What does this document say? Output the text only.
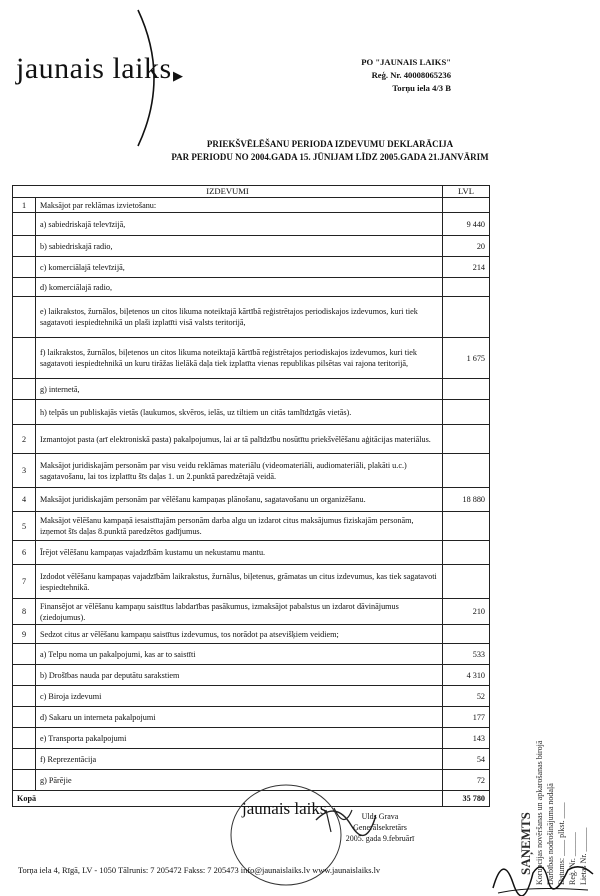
jaunais laiks ▶
PO "JAUNAIS LAIKS"
Reģ. Nr. 40008065236
Torņu iela 4/3 B
PRIEKŠVĒLĒŠANU PERIODA IZDEVUMU DEKLARĀCIJA
PAR PERIODU NO 2004.GADA 15. JŪNIJAM LĪDZ 2005.GADA 21.JANVĀRIM
IZDEVUMI		LVL
1	Maksājot par reklāmas izvietošanu:	
	a) sabiedriskajā televīzijā,	9 440
	b) sabiedriskajā radio,	20
	c) komerciālajā televīzijā,	214
	d) komerciālajā radio,	
	e) laikrakstos, žurnālos, biļetenos un citos likuma noteiktajā kārtībā reģistrētajos periodiskajos izdevumos, kuri tiek sagatavoti iespiedtehnikā un plaši izplatīti visā valsts teritorijā,	
	f) laikrakstos, žurnālos, biļetenos un citos likuma noteiktajā kārtībā reģistrētajos periodiskajos izdevumos, kuri tiek sagatavoti iespiedtehnikā un kuru tirāžas lielākā daļa tiek izplatīta vienas republikas pilsētas vai rajona teritorijā,	1 675
	g) internetā,	
	h) telpās un publiskajās vietās (laukumos, skvēros, ielās, uz tiltiem un citās tamlīdzīgās vietās).	
2	Izmantojot pasta (arī elektroniskā pasta) pakalpojumus, lai ar tā palīdzību nosūtītu priekšvēlēšanu aģitācijas materiālus.	
3	Maksājot juridiskajām personām par visu veidu reklāmas materiālu (videomateriāli, audiomateriāli, plakāti u.c.) sagatavošanu, lai tos izplatītu šīs daļas 1. un 2.punktā paredzētajā veidā.	
4	Maksājot juridiskajām personām par vēlēšanu kampaņas plānošanu, sagatavošanu un organizēšanu.	18 880
5	Maksājot vēlēšanu kampaņā iesaistītajām personām darba algu un izdarot citus maksājumus fiziskajām personām, izņemot šīs daļas 8.punktā paredzētos gadījumus.	
6	Īrējot vēlēšanu kampaņas vajadzībām kustamu un nekustamu mantu.	
7	Izdodot vēlēšanu kampaņas vajadzībām laikrakstus, žurnālus, biļetenus, grāmatas un citus izdevumus, kas tiek sagatavoti iespiedtehnikā.	
8	Finansējot ar vēlēšanu kampaņu saistītus labdarības pasākumus, izmaksājot pabalstus un izdarot dāvinājumus (ziedojumus).	210
9	Sedzot citus ar vēlēšanu kampaņu saistītus izdevumus, tos norādot pa atsevišķiem veidiem;	
	a) Telpu noma un pakalpojumi, kas ar to saistīti	533
	b) Drošības nauda par deputātu sarakstiem	4 310
	c) Biroja izdevumi	52
	d) Sakaru un interneta pakalpojumi	177
	e) Transporta pakalpojumi	143
	f) Reprezentācija	54
	g) Pārējie	72
Kopā		35 780
jaunais laiks	Ulds Grava
Ģenerālsekretārs
2005. gada 9.februārī
Torņa iela 4, Rīgā, LV - 1050 Tālrunis: 7 205472 Fakss: 7 205473 info@jaunaislaiks.lv www.jaunaislaiks.lv	SAŅEMTS Korupcijas novēršanas un apkarošanas birojā Darbības nodrošinājuma nodaļā Datums: ____ plkst. ____ Reģ. Nr. ______ Lietas Nr. ______
